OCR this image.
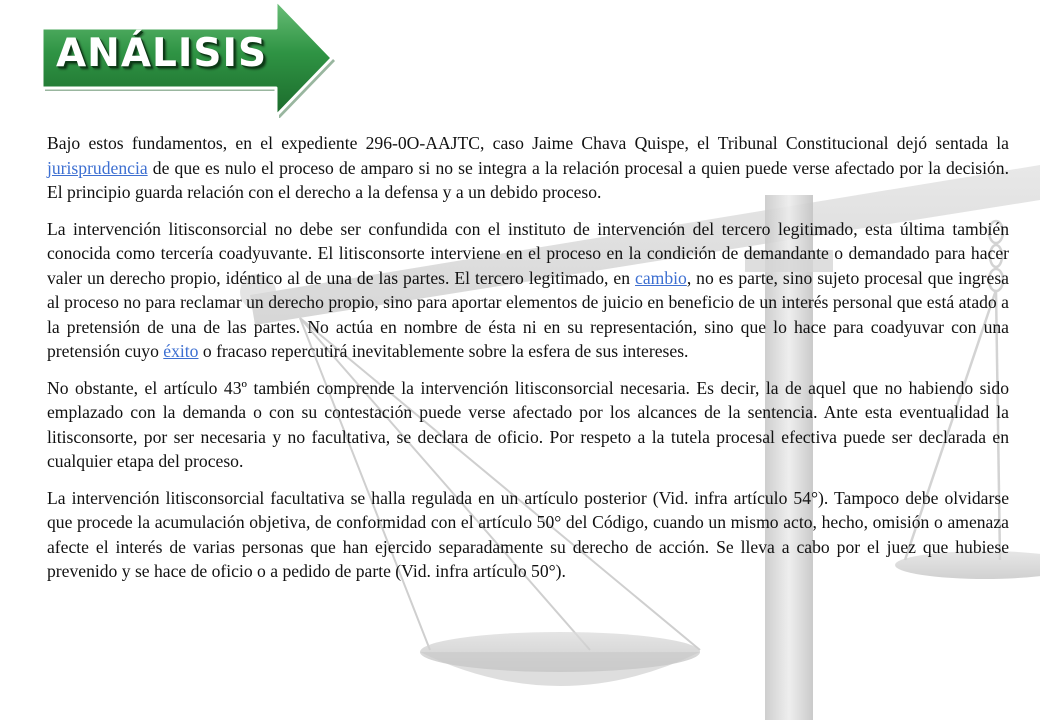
ANÁLISIS

Bajo estos fundamentos, en el expediente 296-0O-AAJTC, caso Jaime Chava Quispe, el Tribunal Constitucional dejó sentada la jurisprudencia de que es nulo el proceso de amparo si no se integra a la relación procesal a quien puede verse afectado por la decisión. El principio guarda relación con el derecho a la defensa y a un debido proceso.

La intervención litisconsorcial no debe ser confundida con el instituto de intervención del tercero legitimado, esta última también conocida como tercería coadyuvante. El litisconsorte interviene en el proceso en la condición de demandante o demandado para hacer valer un derecho propio, idéntico al de una de las partes. El tercero legitimado, en cambio, no es parte, sino sujeto procesal que ingresa al proceso no para reclamar un derecho propio, sino para aportar elementos de juicio en beneficio de un interés personal que está atado a la pretensión de una de las partes. No actúa en nombre de ésta ni en su representación, sino que lo hace para coadyuvar con una pretensión cuyo éxito o fracaso repercutirá inevitablemente sobre la esfera de sus intereses.

No obstante, el artículo 43º también comprende la intervención litisconsorcial necesaria. Es decir, la de aquel que no habiendo sido emplazado con la demanda o con su contestación puede verse afectado por los alcances de la sentencia. Ante esta eventualidad la litisconsorte, por ser necesaria y no facultativa, se declara de oficio. Por respeto a la tutela procesal efectiva puede ser declarada en cualquier etapa del proceso.

La intervención litisconsorcial facultativa se halla regulada en un artículo posterior (Vid. infra artículo 54°). Tampoco debe olvidarse que procede la acumulación objetiva, de conformidad con el artículo 50° del Código, cuando un mismo acto, hecho, omisión o amenaza afecte el interés de varias personas que han ejercido separadamente su derecho de acción. Se lleva a cabo por el juez que hubiese prevenido y se hace de oficio o a pedido de parte (Vid. infra artículo 50°).
